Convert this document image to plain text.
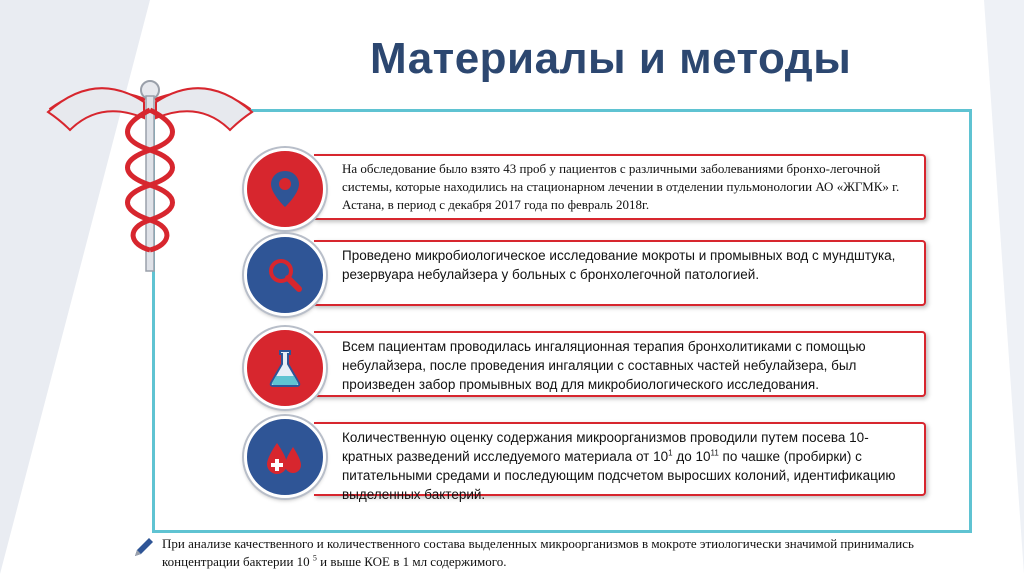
Материалы и методы
На обследование было взято 43 проб у пациентов с различными заболеваниями бронхо-легочной системы, которые находились на стационарном лечении в отделении пульмонологии АО «ЖГМК» г. Астана, в период с декабря 2017 года по февраль 2018г.
Проведено микробиологическое исследование мокроты и промывных вод с мундштука, резервуара небулайзера у больных с бронхолегочной патологией.
Всем пациентам проводилась ингаляционная терапия бронхолитиками с помощью небулайзера, после проведения ингаляции с составных частей небулайзера, был произведен забор промывных вод для микробиологического исследования.
Количественную оценку содержания микроорганизмов проводили путем посева 10-кратных разведений исследуемого материала от $10^1$ до $10^{11}$ по чашке (пробирки) с питательными средами и последующим подсчетом выросших колоний, идентификацию выделенных бактерий.
При анализе качественного и количественного состава выделенных микроорганизмов в мокроте этиологически значимой принимались концентрации бактерии 10 $^5$ и выше КОЕ в 1 мл содержимого.
